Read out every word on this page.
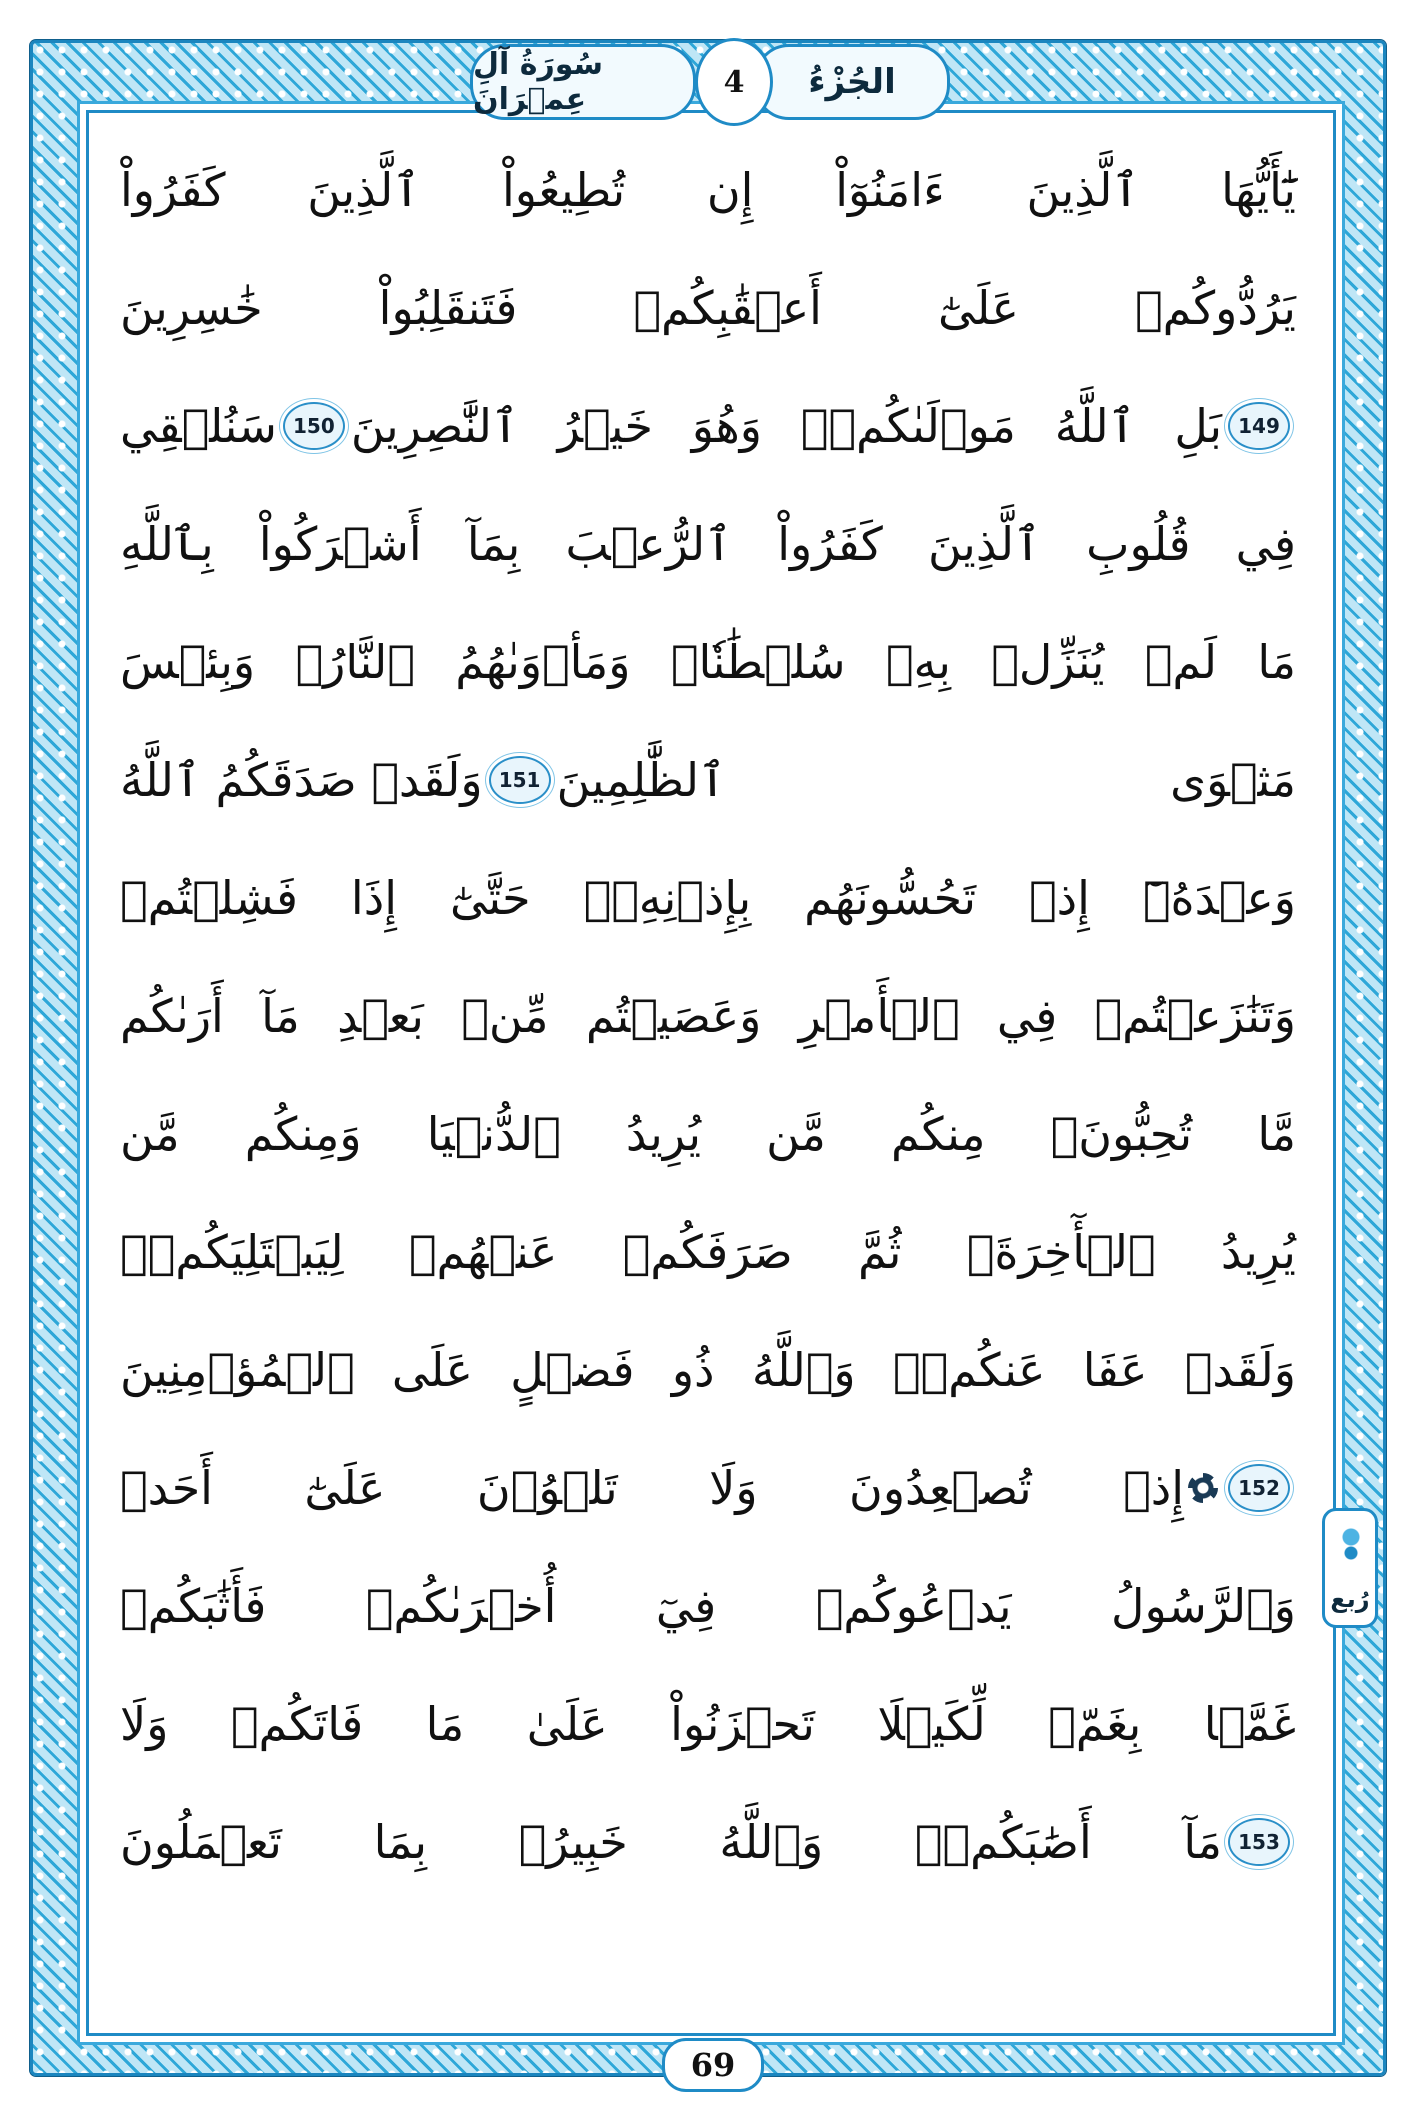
الجُزْءُ
4
سُورَةُ آلِ عِمۡرَانَ
رُبع
يَٰٓأَيُّهَا ٱلَّذِينَ ءَامَنُوٓاْ إِن تُطِيعُواْ ٱلَّذِينَ كَفَرُواْ
يَرُدُّوكُمۡ عَلَىٰٓ أَعۡقَٰبِكُمۡ فَتَنقَلِبُواْ خَٰسِرِينَ
سَنُلۡقِي 150 بَلِ ٱللَّهُ مَوۡلَىٰكُمۡۖ وَهُوَ خَيۡرُ ٱلنَّٰصِرِينَ 149
فِي قُلُوبِ ٱلَّذِينَ كَفَرُواْ ٱلرُّعۡبَ بِمَآ أَشۡرَكُواْ بِٱللَّهِ
مَا لَمۡ يُنَزِّلۡ بِهِۦ سُلۡطَٰنٗاۖ وَمَأۡوَىٰهُمُ ٱلنَّارُۖ وَبِئۡسَ
وَلَقَدۡ صَدَقَكُمُ ٱللَّهُ 151 مَثۡوَى ٱلظَّٰلِمِينَ
وَعۡدَهُۥٓ إِذۡ تَحُسُّونَهُم بِإِذۡنِهِۦۖ حَتَّىٰٓ إِذَا فَشِلۡتُمۡ
وَتَنَٰزَعۡتُمۡ فِي ٱلۡأَمۡرِ وَعَصَيۡتُم مِّنۢ بَعۡدِ مَآ أَرَىٰكُم
مَّا تُحِبُّونَۚ مِنكُم مَّن يُرِيدُ ٱلدُّنۡيَا وَمِنكُم مَّن
يُرِيدُ ٱلۡأٓخِرَةَۚ ثُمَّ صَرَفَكُمۡ عَنۡهُمۡ لِيَبۡتَلِيَكُمۡۖ
وَلَقَدۡ عَفَا عَنكُمۡۗ وَٱللَّهُ ذُو فَضۡلٍ عَلَى ٱلۡمُؤۡمِنِينَ
إِذۡ تُصۡعِدُونَ وَلَا تَلۡوُۥنَ عَلَىٰٓ أَحَدٖ	152
وَٱلرَّسُولُ يَدۡعُوكُمۡ فِيٓ أُخۡرَىٰكُمۡ فَأَثَٰبَكُمۡ
غَمَّۢا بِغَمّٖ لِّكَيۡلَا تَحۡزَنُواْ عَلَىٰ مَا فَاتَكُمۡ وَلَا
مَآ أَصَٰبَكُمۡۗ وَٱللَّهُ خَبِيرُۢ بِمَا تَعۡمَلُونَ 153
69
